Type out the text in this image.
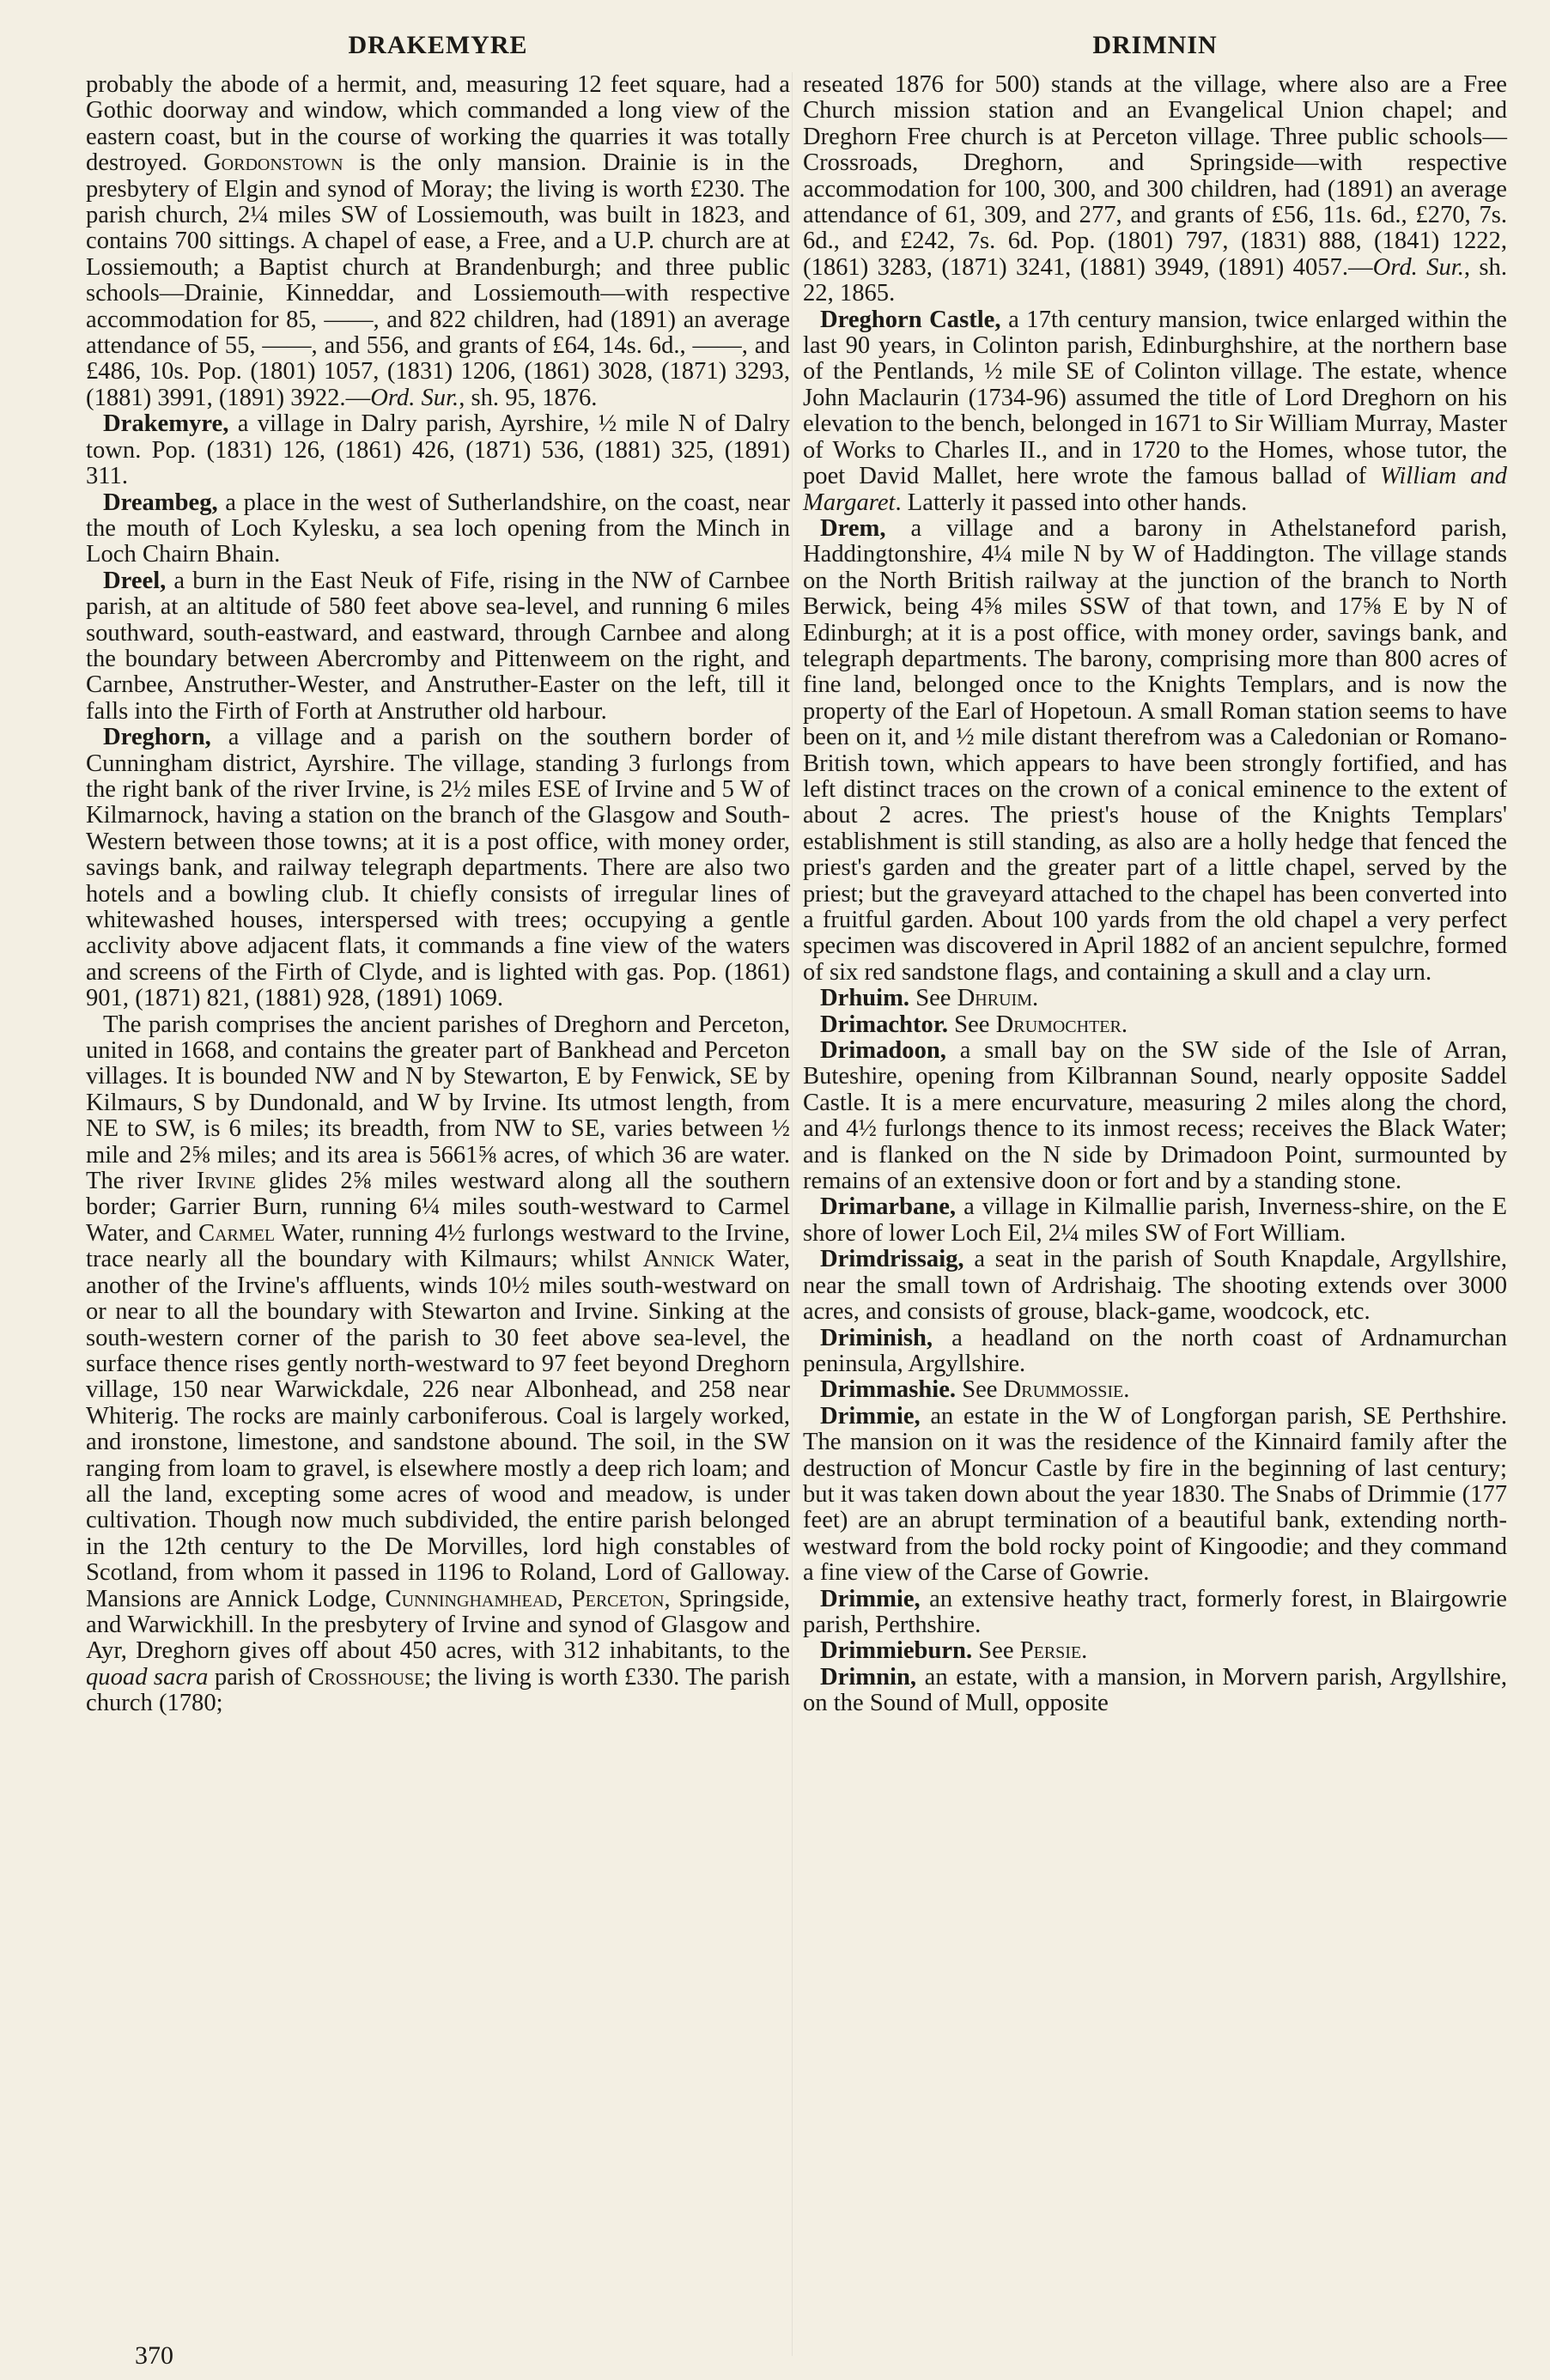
DRAKEMYRE	DRIMNIN

probably the abode of a hermit, and, measuring 12 feet square, had a Gothic doorway and window, which commanded a long view of the eastern coast, but in the course of working the quarries it was totally destroyed. Gordonstown is the only mansion. Drainie is in the presbytery of Elgin and synod of Moray; the living is worth £230. The parish church, 2¼ miles SW of Lossiemouth, was built in 1823, and contains 700 sittings. A chapel of ease, a Free, and a U.P. church are at Lossiemouth; a Baptist church at Brandenburgh; and three public schools—Drainie, Kinneddar, and Lossiemouth—with respective accommodation for 85, ——, and 822 children, had (1891) an average attendance of 55, ——, and 556, and grants of £64, 14s. 6d., ——, and £486, 10s. Pop. (1801) 1057, (1831) 1206, (1861) 3028, (1871) 3293, (1881) 3991, (1891) 3922.—Ord. Sur., sh. 95, 1876.

Drakemyre, a village in Dalry parish, Ayrshire, ½ mile N of Dalry town. Pop. (1831) 126, (1861) 426, (1871) 536, (1881) 325, (1891) 311.

Dreambeg, a place in the west of Sutherlandshire, on the coast, near the mouth of Loch Kylesku, a sea loch opening from the Minch in Loch Chairn Bhain.

Dreel, a burn in the East Neuk of Fife, rising in the NW of Carnbee parish, at an altitude of 580 feet above sea-level, and running 6 miles southward, south-eastward, and eastward, through Carnbee and along the boundary between Abercromby and Pittenweem on the right, and Carnbee, Anstruther-Wester, and Anstruther-Easter on the left, till it falls into the Firth of Forth at Anstruther old harbour.

Dreghorn, a village and a parish on the southern border of Cunningham district, Ayrshire. The village, standing 3 furlongs from the right bank of the river Irvine, is 2½ miles ESE of Irvine and 5 W of Kilmarnock, having a station on the branch of the Glasgow and South-Western between those towns; at it is a post office, with money order, savings bank, and railway telegraph departments. There are also two hotels and a bowling club. It chiefly consists of irregular lines of whitewashed houses, interspersed with trees; occupying a gentle acclivity above adjacent flats, it commands a fine view of the waters and screens of the Firth of Clyde, and is lighted with gas. Pop. (1861) 901, (1871) 821, (1881) 928, (1891) 1069.

The parish comprises the ancient parishes of Dreghorn and Perceton, united in 1668, and contains the greater part of Bankhead and Perceton villages. It is bounded NW and N by Stewarton, E by Fenwick, SE by Kilmaurs, S by Dundonald, and W by Irvine. Its utmost length, from NE to SW, is 6 miles; its breadth, from NW to SE, varies between ½ mile and 2⅝ miles; and its area is 5661⅝ acres, of which 36 are water. The river Irvine glides 2⅝ miles westward along all the southern border; Garrier Burn, running 6¼ miles south-westward to Carmel Water, and Carmel Water, running 4½ furlongs westward to the Irvine, trace nearly all the boundary with Kilmaurs; whilst Annick Water, another of the Irvine's affluents, winds 10½ miles south-westward on or near to all the boundary with Stewarton and Irvine. Sinking at the south-western corner of the parish to 30 feet above sea-level, the surface thence rises gently north-westward to 97 feet beyond Dreghorn village, 150 near Warwickdale, 226 near Albonhead, and 258 near Whiterig. The rocks are mainly carboniferous. Coal is largely worked, and ironstone, limestone, and sandstone abound. The soil, in the SW ranging from loam to gravel, is elsewhere mostly a deep rich loam; and all the land, excepting some acres of wood and meadow, is under cultivation. Though now much subdivided, the entire parish belonged in the 12th century to the De Morvilles, lord high constables of Scotland, from whom it passed in 1196 to Roland, Lord of Galloway. Mansions are Annick Lodge, Cunninghamhead, Perceton, Springside, and Warwickhill. In the presbytery of Irvine and synod of Glasgow and Ayr, Dreghorn gives off about 450 acres, with 312 inhabitants, to the quoad sacra parish of Crosshouse; the living is worth £330. The parish church (1780;

reseated 1876 for 500) stands at the village, where also are a Free Church mission station and an Evangelical Union chapel; and Dreghorn Free church is at Perceton village. Three public schools—Crossroads, Dreghorn, and Springside—with respective accommodation for 100, 300, and 300 children, had (1891) an average attendance of 61, 309, and 277, and grants of £56, 11s. 6d., £270, 7s. 6d., and £242, 7s. 6d. Pop. (1801) 797, (1831) 888, (1841) 1222, (1861) 3283, (1871) 3241, (1881) 3949, (1891) 4057.—Ord. Sur., sh. 22, 1865.

Dreghorn Castle, a 17th century mansion, twice enlarged within the last 90 years, in Colinton parish, Edinburghshire, at the northern base of the Pentlands, ½ mile SE of Colinton village. The estate, whence John Maclaurin (1734-96) assumed the title of Lord Dreghorn on his elevation to the bench, belonged in 1671 to Sir William Murray, Master of Works to Charles II., and in 1720 to the Homes, whose tutor, the poet David Mallet, here wrote the famous ballad of William and Margaret. Latterly it passed into other hands.

Drem, a village and a barony in Athelstaneford parish, Haddingtonshire, 4¼ mile N by W of Haddington. The village stands on the North British railway at the junction of the branch to North Berwick, being 4⅝ miles SSW of that town, and 17⅝ E by N of Edinburgh; at it is a post office, with money order, savings bank, and telegraph departments. The barony, comprising more than 800 acres of fine land, belonged once to the Knights Templars, and is now the property of the Earl of Hopetoun. A small Roman station seems to have been on it, and ½ mile distant therefrom was a Caledonian or Romano-British town, which appears to have been strongly fortified, and has left distinct traces on the crown of a conical eminence to the extent of about 2 acres. The priest's house of the Knights Templars' establishment is still standing, as also are a holly hedge that fenced the priest's garden and the greater part of a little chapel, served by the priest; but the graveyard attached to the chapel has been converted into a fruitful garden. About 100 yards from the old chapel a very perfect specimen was discovered in April 1882 of an ancient sepulchre, formed of six red sandstone flags, and containing a skull and a clay urn.

Drhuim. See Dhruim.

Drimachtor. See Drumochter.

Drimadoon, a small bay on the SW side of the Isle of Arran, Buteshire, opening from Kilbrannan Sound, nearly opposite Saddel Castle. It is a mere encurvature, measuring 2 miles along the chord, and 4½ furlongs thence to its inmost recess; receives the Black Water; and is flanked on the N side by Drimadoon Point, surmounted by remains of an extensive doon or fort and by a standing stone.

Drimarbane, a village in Kilmallie parish, Inverness-shire, on the E shore of lower Loch Eil, 2¼ miles SW of Fort William.

Drimdrissaig, a seat in the parish of South Knapdale, Argyllshire, near the small town of Ardrishaig. The shooting extends over 3000 acres, and consists of grouse, black-game, woodcock, etc.

Driminish, a headland on the north coast of Ardnamurchan peninsula, Argyllshire.

Drimmashie. See Drummossie.

Drimmie, an estate in the W of Longforgan parish, SE Perthshire. The mansion on it was the residence of the Kinnaird family after the destruction of Moncur Castle by fire in the beginning of last century; but it was taken down about the year 1830. The Snabs of Drimmie (177 feet) are an abrupt termination of a beautiful bank, extending north-westward from the bold rocky point of Kingoodie; and they command a fine view of the Carse of Gowrie.

Drimmie, an extensive heathy tract, formerly forest, in Blairgowrie parish, Perthshire.

Drimmieburn. See Persie.

Drimnin, an estate, with a mansion, in Morvern parish, Argyllshire, on the Sound of Mull, opposite

370
